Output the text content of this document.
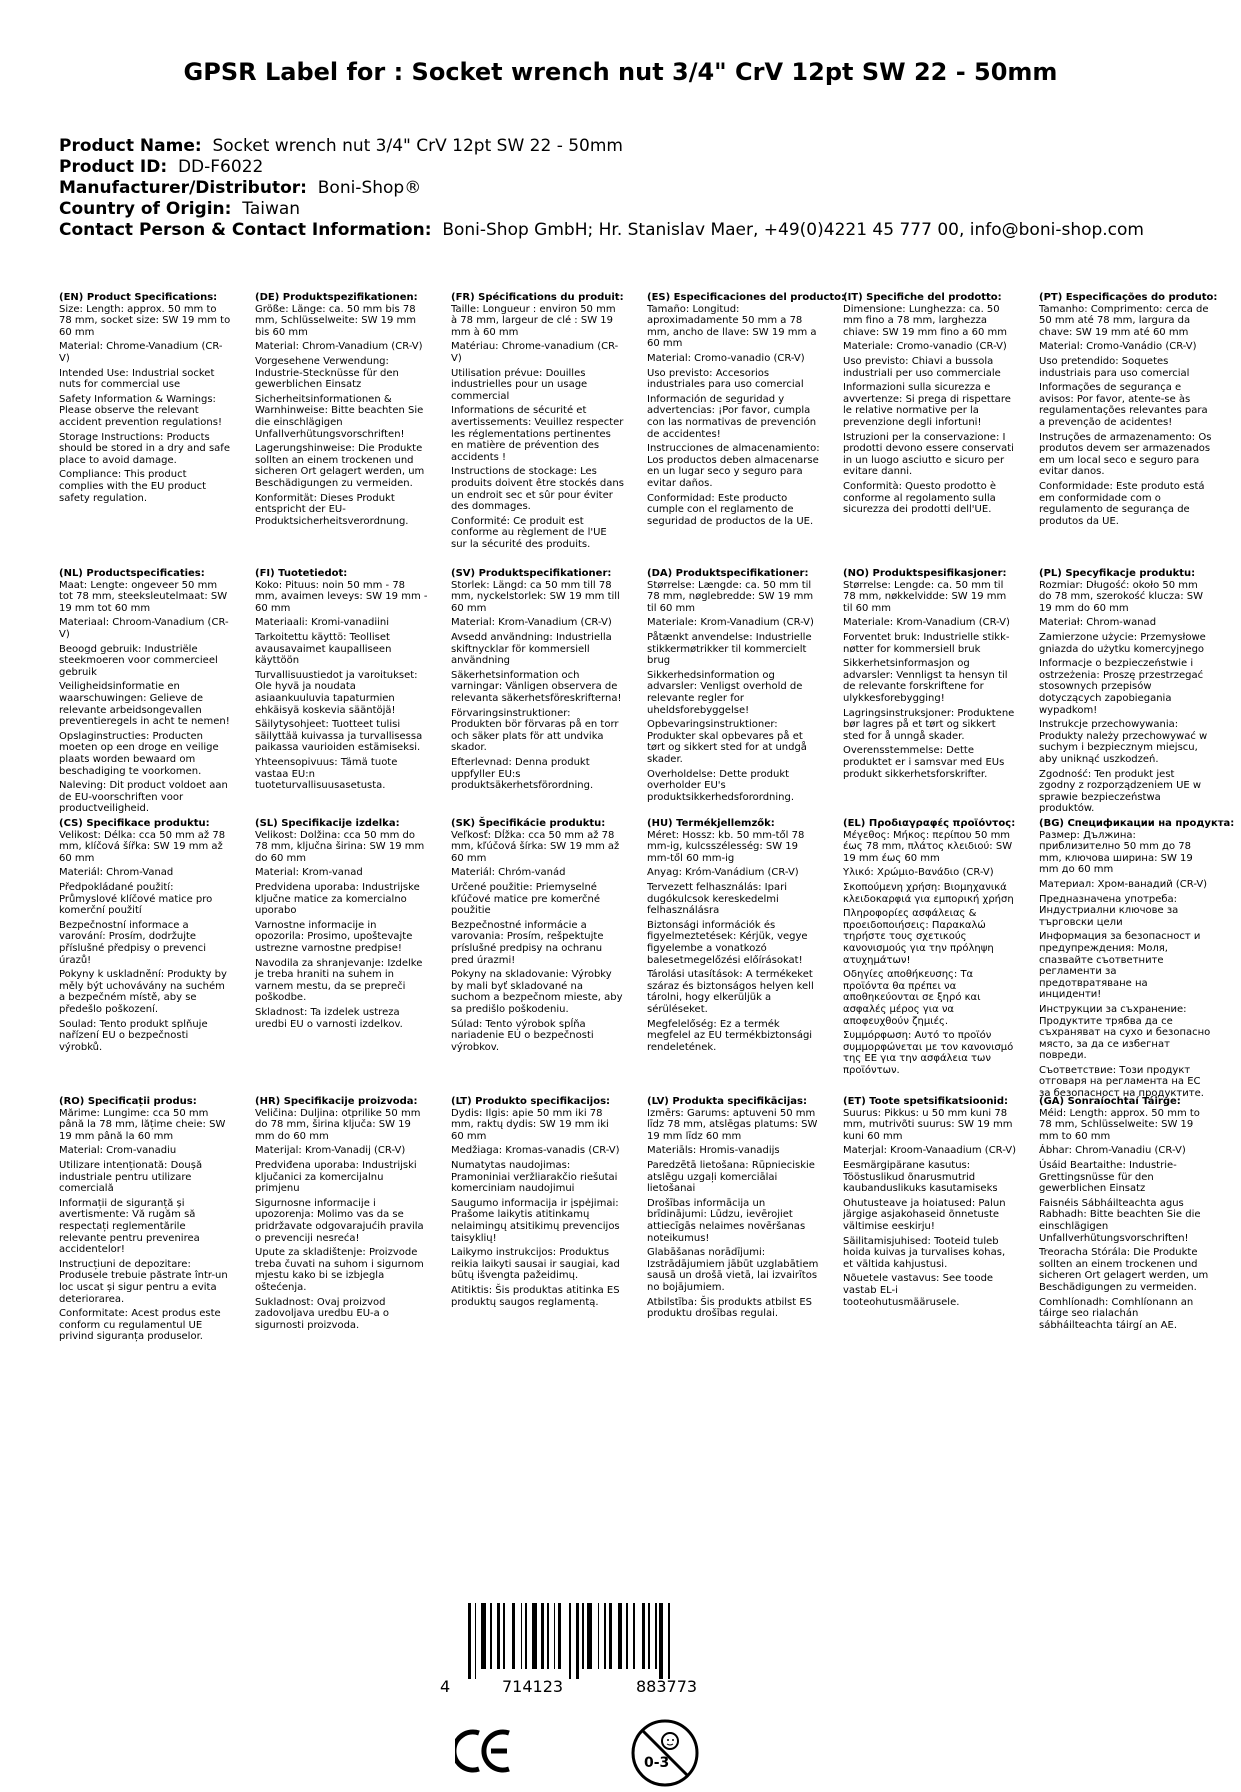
GPSR Label for : Socket wrench nut 3/4" CrV 12pt SW 22 - 50mm
Product Name: Socket wrench nut 3/4" CrV 12pt SW 22 - 50mm
Product ID: DD-F6022
Manufacturer/Distributor: Boni-Shop®
Country of Origin: Taiwan
Contact Person & Contact Information: Boni-Shop GmbH; Hr. Stanislav Maer, +49(0)4221 45 777 00, info@boni-shop.com
(EN) Product Specifications:

Size: Length: approx. 50 mm to 78 mm, socket size: SW 19 mm to 60 mm

Material: Chrome-Vanadium (CR-V)

Intended Use: Industrial socket nuts for commercial use

Safety Information & Warnings: Please observe the relevant accident prevention regulations!

Storage Instructions: Products should be stored in a dry and safe place to avoid damage.

Compliance: This product complies with the EU product safety regulation.

(DE) Produktspezifikationen:

Größe: Länge: ca. 50 mm bis 78 mm, Schlüsselweite: SW 19 mm bis 60 mm

Material: Chrom-Vanadium (CR-V)

Vorgesehene Verwendung: Industrie-Stecknüsse für den gewerblichen Einsatz

Sicherheitsinformationen & Warnhinweise: Bitte beachten Sie die einschlägigen Unfallverhütungsvorschriften!

Lagerungshinweise: Die Produkte sollten an einem trockenen und sicheren Ort gelagert werden, um Beschädigungen zu vermeiden.

Konformität: Dieses Produkt entspricht der EU-Produktsicherheitsverordnung.

(FR) Spécifications du produit:

Taille: Longueur : environ 50 mm à 78 mm, largeur de clé : SW 19 mm à 60 mm

Matériau: Chrome-vanadium (CR-V)

Utilisation prévue: Douilles industrielles pour un usage commercial

Informations de sécurité et avertissements: Veuillez respecter les réglementations pertinentes en matière de prévention des accidents !

Instructions de stockage: Les produits doivent être stockés dans un endroit sec et sûr pour éviter des dommages.

Conformité: Ce produit est conforme au règlement de l'UE sur la sécurité des produits.

(ES) Especificaciones del producto:

Tamaño: Longitud: aproximadamente 50 mm a 78 mm, ancho de llave: SW 19 mm a 60 mm

Material: Cromo-vanadio (CR-V)

Uso previsto: Accesorios industriales para uso comercial

Información de seguridad y advertencias: ¡Por favor, cumpla con las normativas de prevención de accidentes!

Instrucciones de almacenamiento: Los productos deben almacenarse en un lugar seco y seguro para evitar daños.

Conformidad: Este producto cumple con el reglamento de seguridad de productos de la UE.

(IT) Specifiche del prodotto:

Dimensione: Lunghezza: ca. 50 mm fino a 78 mm, larghezza chiave: SW 19 mm fino a 60 mm

Materiale: Cromo-vanadio (CR-V)

Uso previsto: Chiavi a bussola industriali per uso commerciale

Informazioni sulla sicurezza e avvertenze: Si prega di rispettare le relative normative per la prevenzione degli infortuni!

Istruzioni per la conservazione: I prodotti devono essere conservati in un luogo asciutto e sicuro per evitare danni.

Conformità: Questo prodotto è conforme al regolamento sulla sicurezza dei prodotti dell'UE.

(PT) Especificações do produto:

Tamanho: Comprimento: cerca de 50 mm até 78 mm, largura da chave: SW 19 mm até 60 mm

Material: Cromo-Vanádio (CR-V)

Uso pretendido: Soquetes industriais para uso comercial

Informações de segurança e avisos: Por favor, atente-se às regulamentações relevantes para a prevenção de acidentes!

Instruções de armazenamento: Os produtos devem ser armazenados em um local seco e seguro para evitar danos.

Conformidade: Este produto está em conformidade com o regulamento de segurança de produtos da UE.

(NL) Productspecificaties:

Maat: Lengte: ongeveer 50 mm tot 78 mm, steeksleutelmaat: SW 19 mm tot 60 mm

Materiaal: Chroom-Vanadium (CR-V)

Beoogd gebruik: Industriële steekmoeren voor commercieel gebruik

Veiligheidsinformatie en waarschuwingen: Gelieve de relevante arbeidsongevallen preventieregels in acht te nemen!

Opslaginstructies: Producten moeten op een droge en veilige plaats worden bewaard om beschadiging te voorkomen.

Naleving: Dit product voldoet aan de EU-voorschriften voor productveiligheid.

(FI) Tuotetiedot:

Koko: Pituus: noin 50 mm - 78 mm, avaimen leveys: SW 19 mm - 60 mm

Materiaali: Kromi-vanadiini

Tarkoitettu käyttö: Teolliset avausavaimet kaupalliseen käyttöön

Turvallisuustiedot ja varoitukset: Ole hyvä ja noudata asiaankuuluvia tapaturmien ehkäisyä koskevia sääntöjä!

Säilytysohjeet: Tuotteet tulisi säilyttää kuivassa ja turvallisessa paikassa vaurioiden estämiseksi.

Yhteensopivuus: Tämä tuote vastaa EU:n tuoteturvallisuusasetusta.

(SV) Produktspecifikationer:

Storlek: Längd: ca 50 mm till 78 mm, nyckelstorlek: SW 19 mm till 60 mm

Material: Krom-Vanadium (CR-V)

Avsedd användning: Industriella skiftnycklar för kommersiell användning

Säkerhetsinformation och varningar: Vänligen observera de relevanta säkerhetsföreskrifterna!

Förvaringsinstruktioner: Produkten bör förvaras på en torr och säker plats för att undvika skador.

Efterlevnad: Denna produkt uppfyller EU:s produktsäkerhetsförordning.

(DA) Produktspecifikationer:

Størrelse: Længde: ca. 50 mm til 78 mm, nøglebredde: SW 19 mm til 60 mm

Materiale: Krom-Vanadium (CR-V)

Påtænkt anvendelse: Industrielle stikkermøtrikker til kommercielt brug

Sikkerhedsinformation og advarsler: Venligst overhold de relevante regler for uheldsforebyggelse!

Opbevaringsinstruktioner: Produkter skal opbevares på et tørt og sikkert sted for at undgå skader.

Overholdelse: Dette produkt overholder EU's produktsikkerhedsforordning.

(NO) Produktspesifikasjoner:

Størrelse: Lengde: ca. 50 mm til 78 mm, nøkkelvidde: SW 19 mm til 60 mm

Materiale: Krom-Vanadium (CR-V)

Forventet bruk: Industrielle stikk-nøtter for kommersiell bruk

Sikkerhetsinformasjon og advarsler: Vennligst ta hensyn til de relevante forskriftene for ulykkesforebygging!

Lagringsinstruksjoner: Produktene bør lagres på et tørt og sikkert sted for å unngå skader.

Overensstemmelse: Dette produktet er i samsvar med EUs produkt sikkerhetsforskrifter.

(PL) Specyfikacje produktu:

Rozmiar: Długość: około 50 mm do 78 mm, szerokość klucza: SW 19 mm do 60 mm

Materiał: Chrom-wanad

Zamierzone użycie: Przemysłowe gniazda do użytku komercyjnego

Informacje o bezpieczeństwie i ostrzeżenia: Proszę przestrzegać stosownych przepisów dotyczących zapobiegania wypadkom!

Instrukcje przechowywania: Produkty należy przechowywać w suchym i bezpiecznym miejscu, aby uniknąć uszkodzeń.

Zgodność: Ten produkt jest zgodny z rozporządzeniem UE w sprawie bezpieczeństwa produktów.

(CS) Specifikace produktu:

Velikost: Délka: cca 50 mm až 78 mm, klíčová šířka: SW 19 mm až 60 mm

Materiál: Chrom-Vanad

Předpokládané použití: Průmyslové klíčové matice pro komerční použití

Bezpečnostní informace a varování: Prosím, dodržujte příslušné předpisy o prevenci úrazů!

Pokyny k uskladnění: Produkty by měly být uchovávány na suchém a bezpečném místě, aby se předešlo poškození.

Soulad: Tento produkt splňuje nařízení EU o bezpečnosti výrobků.

(SL) Specifikacije izdelka:

Velikost: Dolžina: cca 50 mm do 78 mm, ključna širina: SW 19 mm do 60 mm

Material: Krom-vanad

Predvidena uporaba: Industrijske ključne matice za komercialno uporabo

Varnostne informacije in opozorila: Prosimo, upoštevajte ustrezne varnostne predpise!

Navodila za shranjevanje: Izdelke je treba hraniti na suhem in varnem mestu, da se prepreči poškodbe.

Skladnost: Ta izdelek ustreza uredbi EU o varnosti izdelkov.

(SK) Špecifikácie produktu:

Veľkosť: Dĺžka: cca 50 mm až 78 mm, kľúčová šírka: SW 19 mm až 60 mm

Materiál: Chróm-vanád

Určené použitie: Priemyselné kľúčové matice pre komerčné použitie

Bezpečnostné informácie a varovania: Prosím, rešpektujte príslušné predpisy na ochranu pred úrazmi!

Pokyny na skladovanie: Výrobky by mali byť skladované na suchom a bezpečnom mieste, aby sa predišlo poškodeniu.

Súlad: Tento výrobok spĺňa nariadenie EÚ o bezpečnosti výrobkov.

(HU) Termékjellemzők:

Méret: Hossz: kb. 50 mm-től 78 mm-ig, kulcsszélesség: SW 19 mm-től 60 mm-ig

Anyag: Króm-Vanádium (CR-V)

Tervezett felhasználás: Ipari dugókulcsok kereskedelmi felhasználásra

Biztonsági információk és figyelmeztetések: Kérjük, vegye figyelembe a vonatkozó balesetmegelőzési előírásokat!

Tárolási utasítások: A termékeket száraz és biztonságos helyen kell tárolni, hogy elkerüljük a sérüléseket.

Megfelelőség: Ez a termék megfelel az EU termékbiztonsági rendeletének.

(EL) Προδιαγραφές προϊόντος:

Μέγεθος: Μήκος: περίπου 50 mm έως 78 mm, πλάτος κλειδιού: SW 19 mm έως 60 mm

Υλικό: Χρώμιο-Βανάδιο (CR-V)

Σκοπούμενη χρήση: Βιομηχανικά κλειδοκαρφιά για εμπορική χρήση

Πληροφορίες ασφάλειας & προειδοποιήσεις: Παρακαλώ τηρήστε τους σχετικούς κανονισμούς για την πρόληψη ατυχημάτων!

Οδηγίες αποθήκευσης: Τα προϊόντα θα πρέπει να αποθηκεύονται σε ξηρό και ασφαλές μέρος για να αποφευχθούν ζημιές.

Συμμόρφωση: Αυτό το προϊόν συμμορφώνεται με τον κανονισμό της ΕΕ για την ασφάλεια των προϊόντων.

(BG) Спецификации на продукта:

Размер: Дължина: приблизително 50 mm до 78 mm, ключова ширина: SW 19 mm до 60 mm

Материал: Хром-ванадий (CR-V)

Предназначена употреба: Индустриални ключове за търговски цели

Информация за безопасност и предупреждения: Моля, спазвайте съответните регламенти за предотвратяване на инциденти!

Инструкции за съхранение: Продуктите трябва да се съхраняват на сухо и безопасно място, за да се избегнат повреди.

Съответствие: Този продукт отговаря на регламента на ЕС за безопасност на продуктите.

(RO) Specificații produs:

Mărime: Lungime: cca 50 mm până la 78 mm, lățime cheie: SW 19 mm până la 60 mm

Material: Crom-vanadiu

Utilizare intenționată: Doușă industriale pentru utilizare comercială

Informații de siguranță și avertismente: Vă rugăm să respectați reglementările relevante pentru prevenirea accidentelor!

Instrucțiuni de depozitare: Produsele trebuie păstrate într-un loc uscat și sigur pentru a evita deteriorarea.

Conformitate: Acest produs este conform cu regulamentul UE privind siguranța produselor.

(HR) Specifikacije proizvoda:

Veličina: Duljina: otprilike 50 mm do 78 mm, širina ključa: SW 19 mm do 60 mm

Materijal: Krom-Vanadij (CR-V)

Predviđena uporaba: Industrijski ključanici za komercijalnu primjenu

Sigurnosne informacije i upozorenja: Molimo vas da se pridržavate odgovarajućih pravila o prevenciji nesreća!

Upute za skladištenje: Proizvode treba čuvati na suhom i sigurnom mjestu kako bi se izbjegla oštećenja.

Sukladnost: Ovaj proizvod zadovoljava uredbu EU-a o sigurnosti proizvoda.

(LT) Produkto specifikacijos:

Dydis: Ilgis: apie 50 mm iki 78 mm, raktų dydis: SW 19 mm iki 60 mm

Medžiaga: Kromas-vanadis (CR-V)

Numatytas naudojimas: Pramoniniai veržliarakčio riešutai komerciniam naudojimui

Saugumo informacija ir įspėjimai: Prašome laikytis atitinkamų nelaimingų atsitikimų prevencijos taisyklių!

Laikymo instrukcijos: Produktus reikia laikyti sausai ir saugiai, kad būtų išvengta pažeidimų.

Atitiktis: Šis produktas atitinka ES produktų saugos reglamentą.

(LV) Produkta specifikācijas:

Izmērs: Garums: aptuveni 50 mm līdz 78 mm, atslēgas platums: SW 19 mm līdz 60 mm

Materiāls: Hromis-vanadijs

Paredzētā lietošana: Rūpnieciskie atslēgu uzgaļi komerciālai lietošanai

Drošības informācija un brīdinājumi: Lūdzu, ievērojiet attiecīgās nelaimes novēršanas noteikumus!

Glabāšanas norādījumi: Izstrādājumiem jābūt uzglabātiem sausā un drošā vietā, lai izvairītos no bojājumiem.

Atbilstība: Šis produkts atbilst ES produktu drošības regulai.

(ET) Toote spetsifikatsioonid:

Suurus: Pikkus: u 50 mm kuni 78 mm, mutrivõti suurus: SW 19 mm kuni 60 mm

Materjal: Kroom-Vanaadium (CR-V)

Eesmärgipärane kasutus: Tööstuslikud õnarusmutrid kaubanduslikuks kasutamiseks

Ohutusteave ja hoiatused: Palun järgige asjakohaseid õnnetuste vältimise eeskirju!

Säilitamisjuhised: Tooteid tuleb hoida kuivas ja turvalises kohas, et vältida kahjustusi.

Nõuetele vastavus: See toode vastab EL-i tooteohutusmäärusele.

(GA) Sonraíochtaí Táirge:

Méid: Length: approx. 50 mm to 78 mm, Schlüsselweite: SW 19 mm to 60 mm

Ábhar: Chrom-Vanadiu (CR-V)

Úsáid Beartaithe: Industrie-Grettingsnüsse für den gewerblichen Einsatz

Faisnéis Sábháilteachta agus Rabhadh: Bitte beachten Sie die einschlägigen Unfallverhütungsvorschriften!

Treoracha Stórála: Die Produkte sollten an einem trockenen und sicheren Ort gelagert werden, um Beschädigungen zu vermeiden.

Comhlíonadh: Comhlíonann an táirge seo rialachán sábháilteachta táirgí an AE.

4	714123	883773
0-3
